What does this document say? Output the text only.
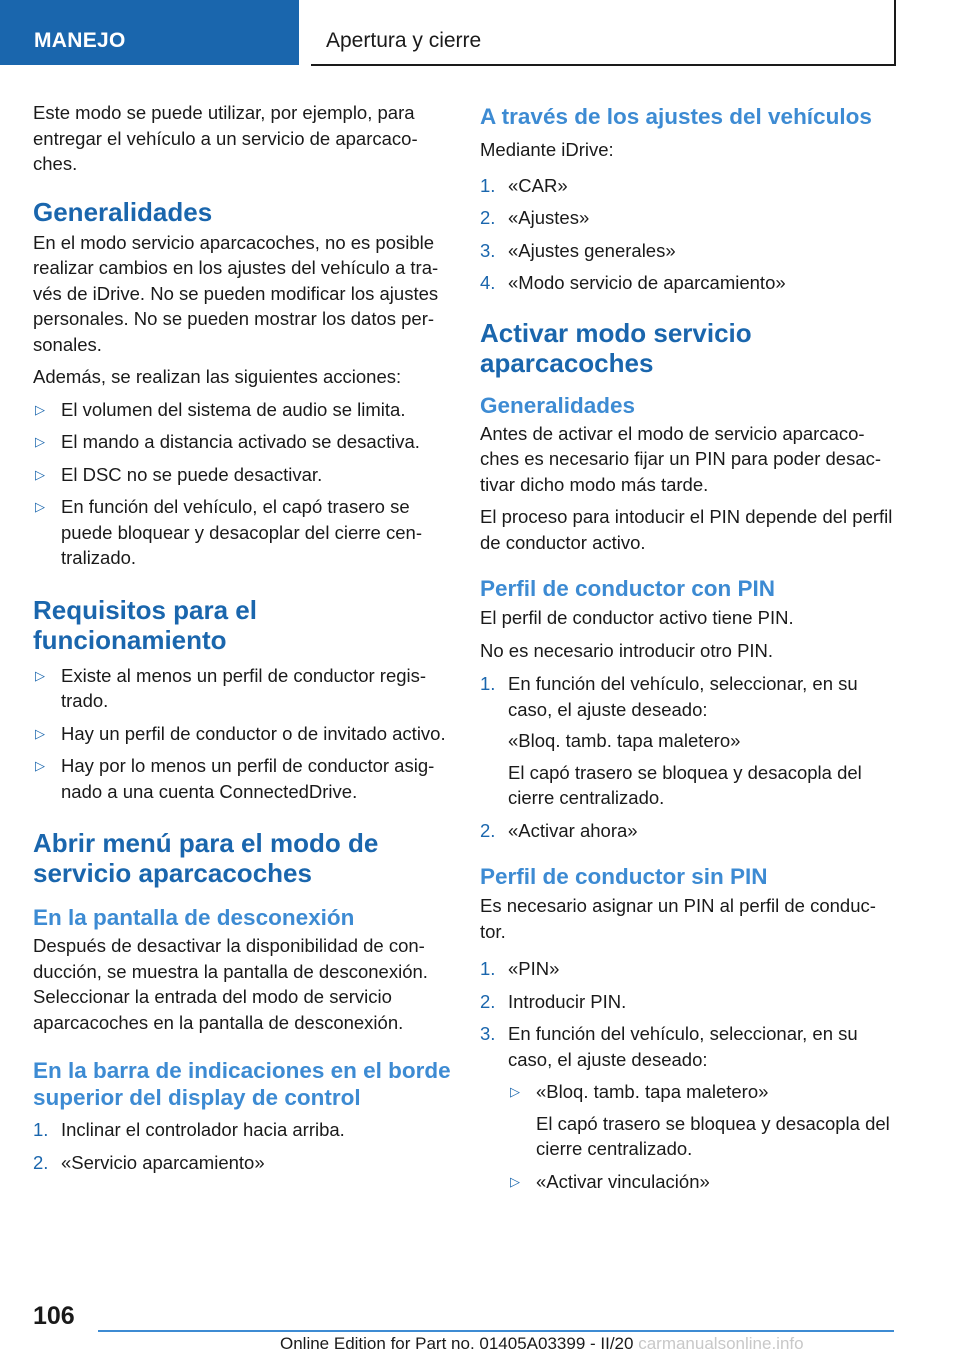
MANEJO	Apertura y cierre

Este modo se puede utilizar, por ejemplo, para entregar el vehículo a un servicio de aparcacoches.

Generalidades

En el modo servicio aparcacoches, no es posible realizar cambios en los ajustes del vehículo a través de iDrive. No se pueden modificar los ajustes personales. No se pueden mostrar los datos personales.

Además, se realizan las siguientes acciones:

▷ El volumen del sistema de audio se limita.
▷ El mando a distancia activado se desactiva.
▷ El DSC no se puede desactivar.
▷ En función del vehículo, el capó trasero se puede bloquear y desacoplar del cierre centralizado.
Requisitos para el funcionamiento
▷ Existe al menos un perfil de conductor registrado.
▷ Hay un perfil de conductor o de invitado activo.
▷ Hay por lo menos un perfil de conductor asignado a una cuenta ConnectedDrive.
Abrir menú para el modo de servicio aparcacoches
En la pantalla de desconexión

Después de desactivar la disponibilidad de conducción, se muestra la pantalla de desconexión. Seleccionar la entrada del modo de servicio aparcacoches en la pantalla de desconexión.

En la barra de indicaciones en el borde superior del display de control
1. Inclinar el controlador hacia arriba.
2. «Servicio aparcamiento»
A través de los ajustes del vehículos

Mediante iDrive:

1. «CAR»
2. «Ajustes»
3. «Ajustes generales»
4. «Modo servicio de aparcamiento»
Activar modo servicio aparcacoches
Generalidades

Antes de activar el modo de servicio aparcacoches es necesario fijar un PIN para poder desactivar dicho modo más tarde.

El proceso para intoducir el PIN depende del perfil de conductor activo.

Perfil de conductor con PIN

El perfil de conductor activo tiene PIN.

No es necesario introducir otro PIN.

1. En función del vehículo, seleccionar, en su caso, el ajuste deseado:
«Bloq. tamb. tapa maletero»
El capó trasero se bloquea y desacopla del cierre centralizado.
2. «Activar ahora»
Perfil de conductor sin PIN

Es necesario asignar un PIN al perfil de conductor.

1. «PIN»
2. Introducir PIN.
3. En función del vehículo, seleccionar, en su caso, el ajuste deseado:
▷ «Bloq. tamb. tapa maletero»
El capó trasero se bloquea y desacopla del cierre centralizado.
▷ «Activar vinculación»
106
Online Edition for Part no. 01405A03399 - II/20 carmanualsonline.info
